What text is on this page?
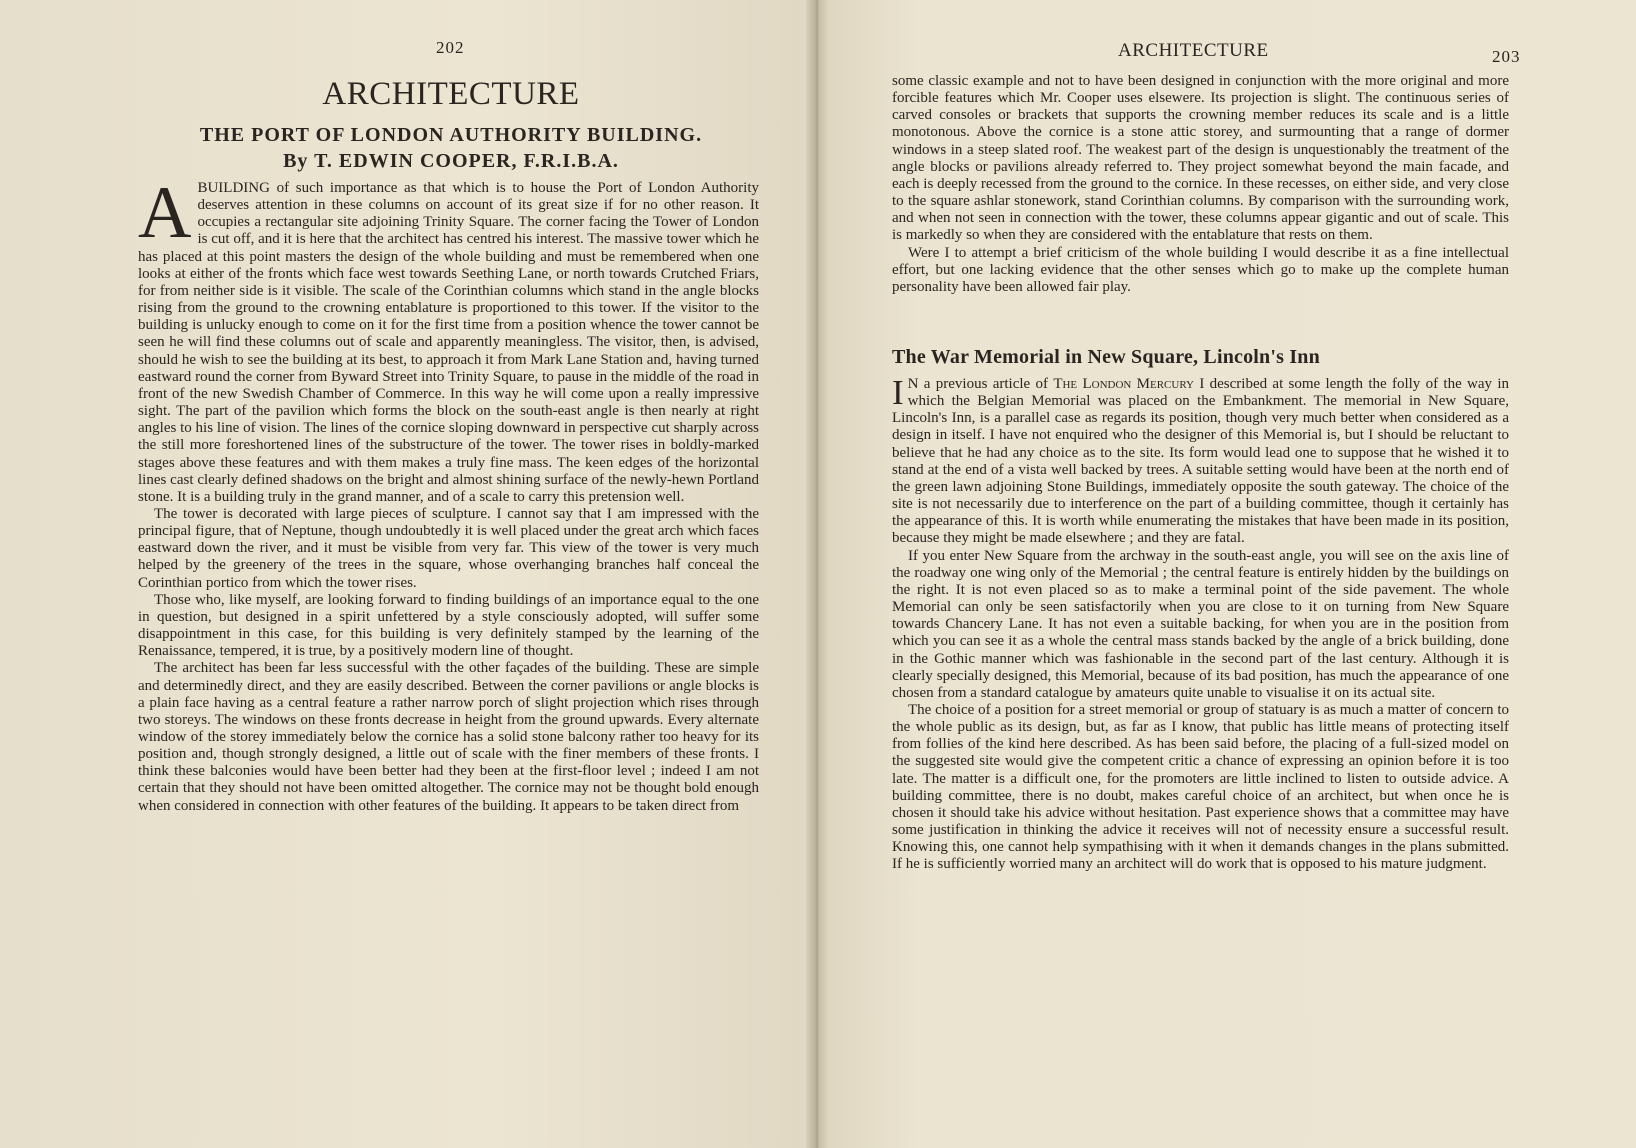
202
ARCHITECTURE
THE PORT OF LONDON AUTHORITY BUILDING.
By T. EDWIN COOPER, F.R.I.B.A.

ABUILDING of such importance as that which is to house the Port of London Authority deserves attention in these columns on account of its great size if for no other reason. It occupies a rectangular site adjoining Trinity Square. The corner facing the Tower of London is cut off, and it is here that the architect has centred his interest. The massive tower which he has placed at this point masters the design of the whole building and must be remembered when one looks at either of the fronts which face west towards Seething Lane, or north towards Crutched Friars, for from neither side is it visible. The scale of the Corinthian columns which stand in the angle blocks rising from the ground to the crowning entablature is proportioned to this tower. If the visitor to the building is unlucky enough to come on it for the first time from a position whence the tower cannot be seen he will find these columns out of scale and apparently meaningless. The visitor, then, is advised, should he wish to see the building at its best, to approach it from Mark Lane Station and, having turned eastward round the corner from Byward Street into Trinity Square, to pause in the middle of the road in front of the new Swedish Chamber of Commerce. In this way he will come upon a really impressive sight. The part of the pavilion which forms the block on the south-east angle is then nearly at right angles to his line of vision. The lines of the cornice sloping downward in perspective cut sharply across the still more foreshortened lines of the substructure of the tower. The tower rises in boldly-marked stages above these features and with them makes a truly fine mass. The keen edges of the horizontal lines cast clearly defined shadows on the bright and almost shining surface of the newly-hewn Portland stone. It is a building truly in the grand manner, and of a scale to carry this pretension well.

The tower is decorated with large pieces of sculpture. I cannot say that I am impressed with the principal figure, that of Neptune, though undoubtedly it is well placed under the great arch which faces eastward down the river, and it must be visible from very far. This view of the tower is very much helped by the greenery of the trees in the square, whose overhanging branches half conceal the Corinthian portico from which the tower rises.

Those who, like myself, are looking forward to finding buildings of an importance equal to the one in question, but designed in a spirit unfettered by a style consciously adopted, will suffer some disappointment in this case, for this building is very definitely stamped by the learning of the Renaissance, tempered, it is true, by a positively modern line of thought.

The architect has been far less successful with the other façades of the building. These are simple and determinedly direct, and they are easily described. Between the corner pavilions or angle blocks is a plain face having as a central feature a rather narrow porch of slight projection which rises through two storeys. The windows on these fronts decrease in height from the ground upwards. Every alternate window of the storey immediately below the cornice has a solid stone balcony rather too heavy for its position and, though strongly designed, a little out of scale with the finer members of these fronts. I think these balconies would have been better had they been at the first-floor level ; indeed I am not certain that they should not have been omitted altogether. The cornice may not be thought bold enough when considered in connection with other features of the building. It appears to be taken direct from

ARCHITECTURE	203

some classic example and not to have been designed in conjunction with the more original and more forcible features which Mr. Cooper uses elsewere. Its projection is slight. The continuous series of carved consoles or brackets that supports the crowning member reduces its scale and is a little monotonous. Above the cornice is a stone attic storey, and surmounting that a range of dormer windows in a steep slated roof. The weakest part of the design is unquestionably the treatment of the angle blocks or pavilions already referred to. They project somewhat beyond the main facade, and each is deeply recessed from the ground to the cornice. In these recesses, on either side, and very close to the square ashlar stonework, stand Corinthian columns. By comparison with the surrounding work, and when not seen in connection with the tower, these columns appear gigantic and out of scale. This is markedly so when they are considered with the entablature that rests on them.

Were I to attempt a brief criticism of the whole building I would describe it as a fine intellectual effort, but one lacking evidence that the other senses which go to make up the complete human personality have been allowed fair play.

The War Memorial in New Square, Lincoln's Inn

I N a previous article of The London Mercury I described at some length the folly of the way in which the Belgian Memorial was placed on the Embankment. The memorial in New Square, Lincoln's Inn, is a parallel case as regards its position, though very much better when considered as a design in itself. I have not enquired who the designer of this Memorial is, but I should be reluctant to believe that he had any choice as to the site. Its form would lead one to suppose that he wished it to stand at the end of a vista well backed by trees. A suitable setting would have been at the north end of the green lawn adjoining Stone Buildings, immediately opposite the south gateway. The choice of the site is not necessarily due to interference on the part of a building committee, though it certainly has the appearance of this. It is worth while enumerating the mistakes that have been made in its position, because they might be made elsewhere ; and they are fatal.

If you enter New Square from the archway in the south-east angle, you will see on the axis line of the roadway one wing only of the Memorial ; the central feature is entirely hidden by the buildings on the right. It is not even placed so as to make a terminal point of the side pavement. The whole Memorial can only be seen satisfactorily when you are close to it on turning from New Square towards Chancery Lane. It has not even a suitable backing, for when you are in the position from which you can see it as a whole the central mass stands backed by the angle of a brick building, done in the Gothic manner which was fashionable in the second part of the last century. Although it is clearly specially designed, this Memorial, because of its bad position, has much the appearance of one chosen from a standard catalogue by amateurs quite unable to visualise it on its actual site.

The choice of a position for a street memorial or group of statuary is as much a matter of concern to the whole public as its design, but, as far as I know, that public has little means of protecting itself from follies of the kind here described. As has been said before, the placing of a full-sized model on the suggested site would give the competent critic a chance of expressing an opinion before it is too late. The matter is a difficult one, for the promoters are little inclined to listen to outside advice. A building committee, there is no doubt, makes careful choice of an architect, but when once he is chosen it should take his advice without hesitation. Past experience shows that a committee may have some justification in thinking the advice it receives will not of necessity ensure a successful result. Knowing this, one cannot help sympathising with it when it demands changes in the plans submitted. If he is sufficiently worried many an architect will do work that is opposed to his mature judgment.
